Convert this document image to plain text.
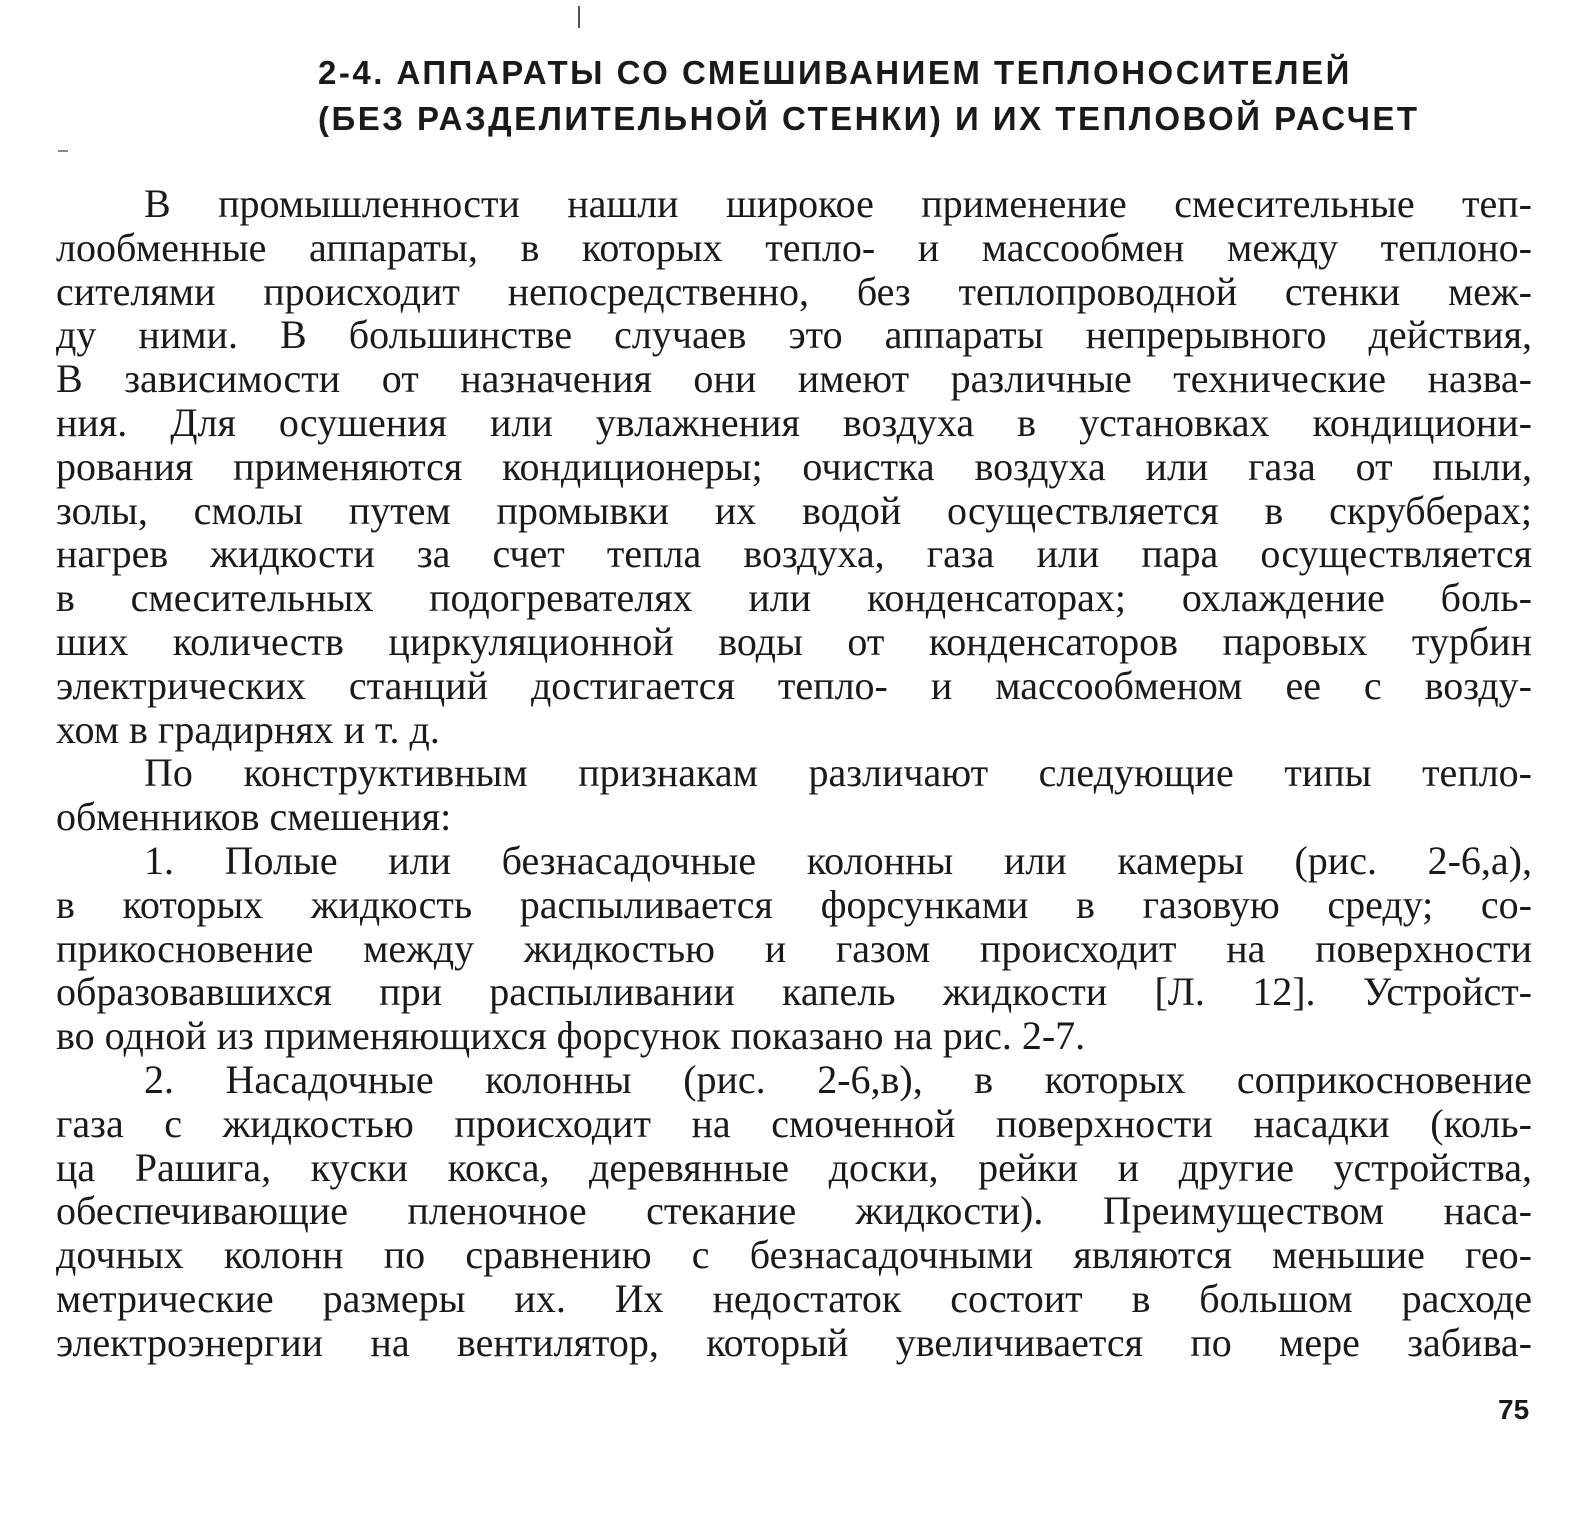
2-4. АППАРАТЫ СО СМЕШИВАНИЕМ ТЕПЛОНОСИТЕЛЕЙ
(БЕЗ РАЗДЕЛИТЕЛЬНОЙ СТЕНКИ) И ИХ ТЕПЛОВОЙ РАСЧЕТ
В промышленности нашли широкое применение смесительные теп-
лообменные аппараты, в которых тепло- и массообмен между теплоно-
сителями происходит непосредственно, без теплопроводной стенки меж-
ду ними. В большинстве случаев это аппараты непрерывного действия,
В зависимости от назначения они имеют различные технические назва-
ния. Для осушения или увлажнения воздуха в установках кондициони-
рования применяются кондиционеры; очистка воздуха или газа от пыли,
золы, смолы путем промывки их водой осуществляется в скрубберах;
нагрев жидкости за счет тепла воздуха, газа или пара осуществляется
в смесительных подогревателях или конденсаторах; охлаждение боль-
ших количеств циркуляционной воды от конденсаторов паровых турбин
электрических станций достигается тепло- и массообменом ее с возду-
хом в градирнях и т. д.
По конструктивным признакам различают следующие типы тепло-
обменников смешения:
1. Полые или безнасадочные колонны или камеры (рис. 2-6,а),
в которых жидкость распыливается форсунками в газовую среду; со-
прикосновение между жидкостью и газом происходит на поверхности
образовавшихся при распыливании капель жидкости [Л. 12]. Устройст-
во одной из применяющихся форсунок показано на рис. 2-7.
2. Насадочные колонны (рис. 2-6,в), в которых соприкосновение
газа с жидкостью происходит на смоченной поверхности насадки (коль-
ца Рашига, куски кокса, деревянные доски, рейки и другие устройства,
обеспечивающие пленочное стекание жидкости). Преимуществом наса-
дочных колонн по сравнению с безнасадочными являются меньшие гео-
метрические размеры их. Их недостаток состоит в большом расходе
электроэнергии на вентилятор, который увеличивается по мере забива-
75
